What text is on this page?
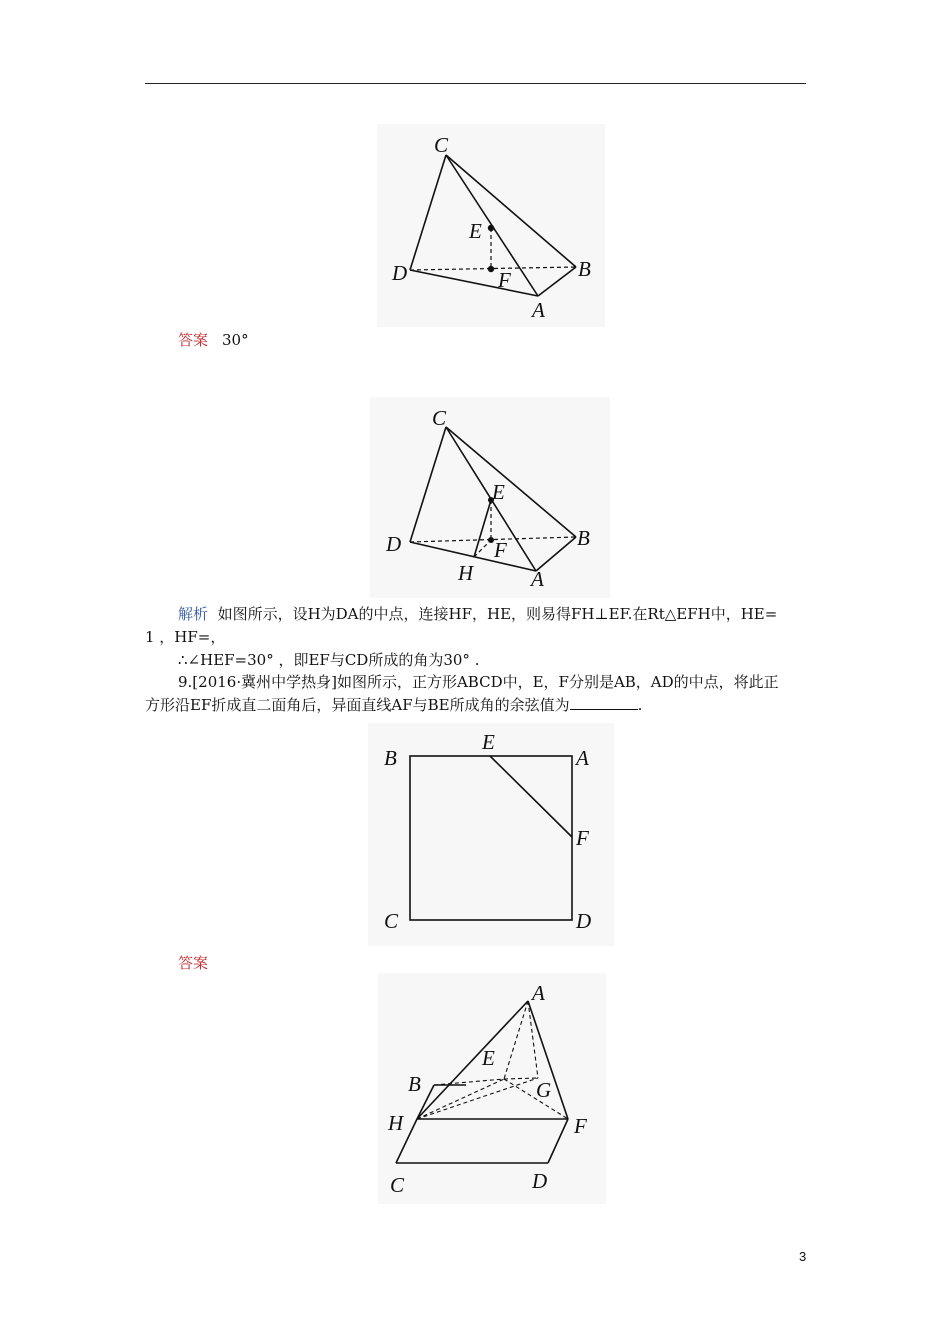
C
E
D	F	B
A
答案 30°
C
E
D	F	B
H	A
解析 如图所示，设H为DA的中点，连接HF，HE，则易得FH⊥EF.在Rt△EFH中，HE=
1 ，HF=，
∴∠HEF=30° ，即EF与CD所成的角为30° .
9.[2016·冀州中学热身]如图所示，正方形ABCD中，E，F分别是AB，AD的中点，将此正
方形沿EF折成直二面角后，异面直线AF与BE所成角的余弦值为	.
B
E
A
F
C	D
答案
A
E
B	G
H	F
C	D
3
